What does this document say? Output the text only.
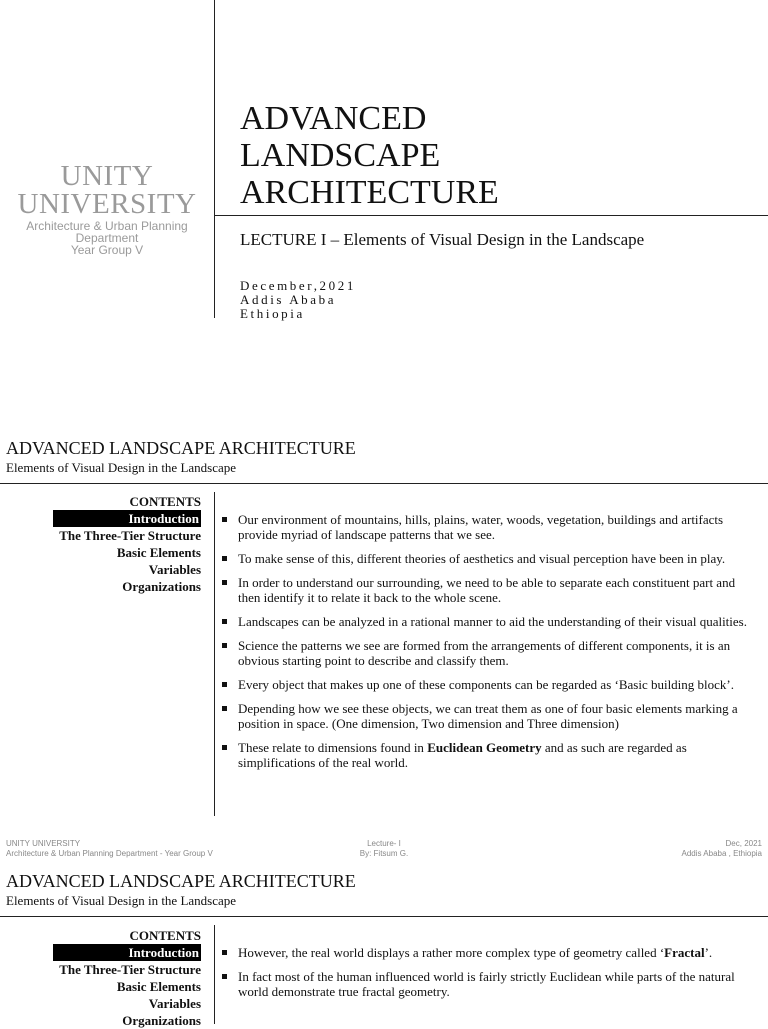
UNITY
UNIVERSITY
Architecture & Urban Planning
Department
Year Group V
ADVANCED
LANDSCAPE
ARCHITECTURE
LECTURE I – Elements of Visual Design in the Landscape
December,2021
Addis Ababa
Ethiopia
ADVANCED LANDSCAPE ARCHITECTURE
Elements of Visual Design in the Landscape
CONTENTS
Introduction
The Three-Tier Structure
Basic Elements
Variables
Organizations
Our environment of mountains, hills, plains, water, woods, vegetation, buildings and artifacts provide myriad of landscape patterns that we see.
To make sense of this, different theories of aesthetics and visual perception have been in play.
In order to understand our surrounding, we need to be able to separate each constituent part and then identify it to relate it back to the whole scene.
Landscapes can be analyzed in a rational manner to aid the understanding of their visual qualities.
Science the patterns we see are formed from the arrangements of different components, it is an obvious starting point to describe and classify them.
Every object that makes up one of these components can be regarded as ‘Basic building block’.
Depending how we see these objects, we can treat them as one of four basic elements marking a position in space. (One dimension, Two dimension and Three dimension)
These relate to dimensions found in Euclidean Geometry and as such are regarded as simplifications of the real world.
UNITY UNIVERSITY
Architecture & Urban Planning Department - Year Group V
Lecture- I
By: Fitsum G.
Dec, 2021
Addis Ababa , Ethiopia
ADVANCED LANDSCAPE ARCHITECTURE
Elements of Visual Design in the Landscape
CONTENTS
Introduction
The Three-Tier Structure
Basic Elements
Variables
Organizations
However, the real world displays a rather more complex type of geometry called ‘Fractal’.
In fact most of the human influenced world is fairly strictly Euclidean while parts of the natural world demonstrate true fractal geometry.
